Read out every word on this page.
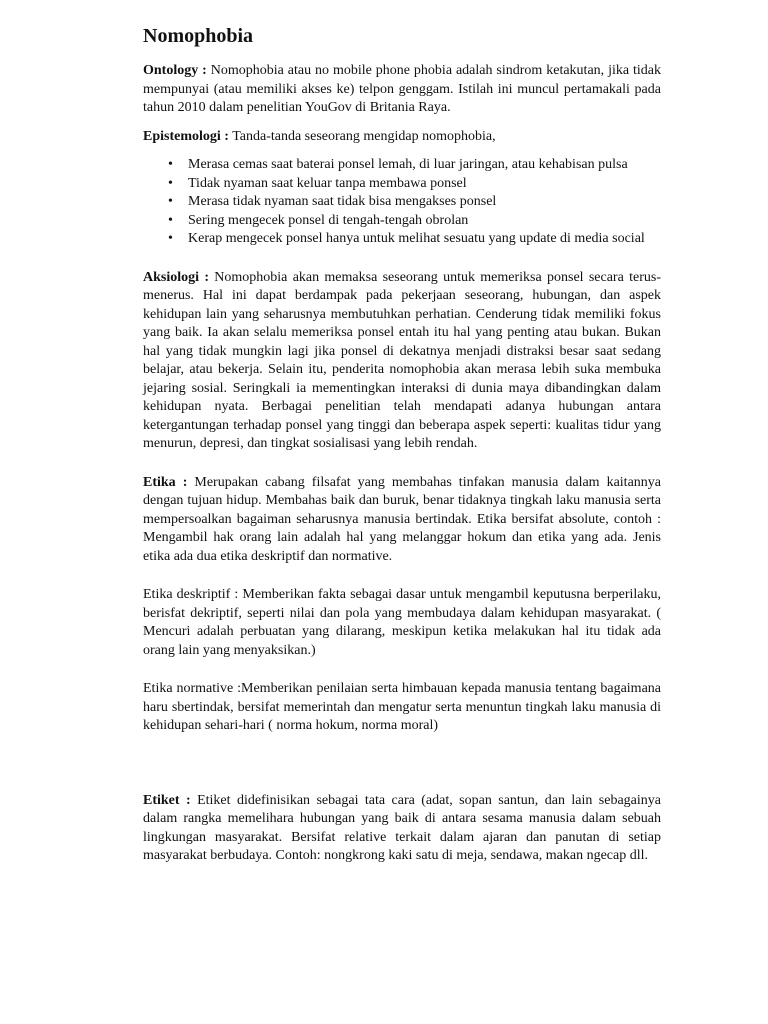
Nomophobia

Ontology : Nomophobia atau no mobile phone phobia adalah sindrom ketakutan, jika tidak mempunyai (atau memiliki akses ke) telpon genggam. Istilah ini muncul pertamakali pada tahun 2010 dalam penelitian YouGov di Britania Raya.

Epistemologi : Tanda-tanda seseorang mengidap nomophobia,

• Merasa cemas saat baterai ponsel lemah, di luar jaringan, atau kehabisan pulsa
• Tidak nyaman saat keluar tanpa membawa ponsel
• Merasa tidak nyaman saat tidak bisa mengakses ponsel
• Sering mengecek ponsel di tengah-tengah obrolan
• Kerap mengecek ponsel hanya untuk melihat sesuatu yang update di media social

Aksiologi : Nomophobia akan memaksa seseorang untuk memeriksa ponsel secara terus-menerus. Hal ini dapat berdampak pada pekerjaan seseorang, hubungan, dan aspek kehidupan lain yang seharusnya membutuhkan perhatian. Cenderung tidak memiliki fokus yang baik. Ia akan selalu memeriksa ponsel entah itu hal yang penting atau bukan. Bukan hal yang tidak mungkin lagi jika ponsel di dekatnya menjadi distraksi besar saat sedang belajar, atau bekerja. Selain itu, penderita nomophobia akan merasa lebih suka membuka jejaring sosial. Seringkali ia mementingkan interaksi di dunia maya dibandingkan dalam kehidupan nyata. Berbagai penelitian telah mendapati adanya hubungan antara ketergantungan terhadap ponsel yang tinggi dan beberapa aspek seperti: kualitas tidur yang menurun, depresi, dan tingkat sosialisasi yang lebih rendah.

Etika : Merupakan cabang filsafat yang membahas tinfakan manusia dalam kaitannya dengan tujuan hidup. Membahas baik dan buruk, benar tidaknya tingkah laku manusia serta mempersoalkan bagaiman seharusnya manusia bertindak. Etika bersifat absolute, contoh : Mengambil hak orang lain adalah hal yang melanggar hokum dan etika yang ada. Jenis etika ada dua etika deskriptif dan normative.

Etika deskriptif : Memberikan fakta sebagai dasar untuk mengambil keputusna berperilaku, berisfat dekriptif, seperti nilai dan pola yang membudaya dalam kehidupan masyarakat. ( Mencuri adalah perbuatan yang dilarang, meskipun ketika melakukan hal itu tidak ada orang lain yang menyaksikan.)

Etika normative :Memberikan penilaian serta himbauan kepada manusia tentang bagaimana haru sbertindak, bersifat memerintah dan mengatur serta menuntun tingkah laku manusia di kehidupan sehari-hari ( norma hokum, norma moral)

Etiket : Etiket didefinisikan sebagai tata cara (adat, sopan santun, dan lain sebagainya dalam rangka memelihara hubungan yang baik di antara sesama manusia dalam sebuah lingkungan masyarakat. Bersifat relative terkait dalam ajaran dan panutan di setiap masyarakat berbudaya. Contoh: nongkrong kaki satu di meja, sendawa, makan ngecap dll.
